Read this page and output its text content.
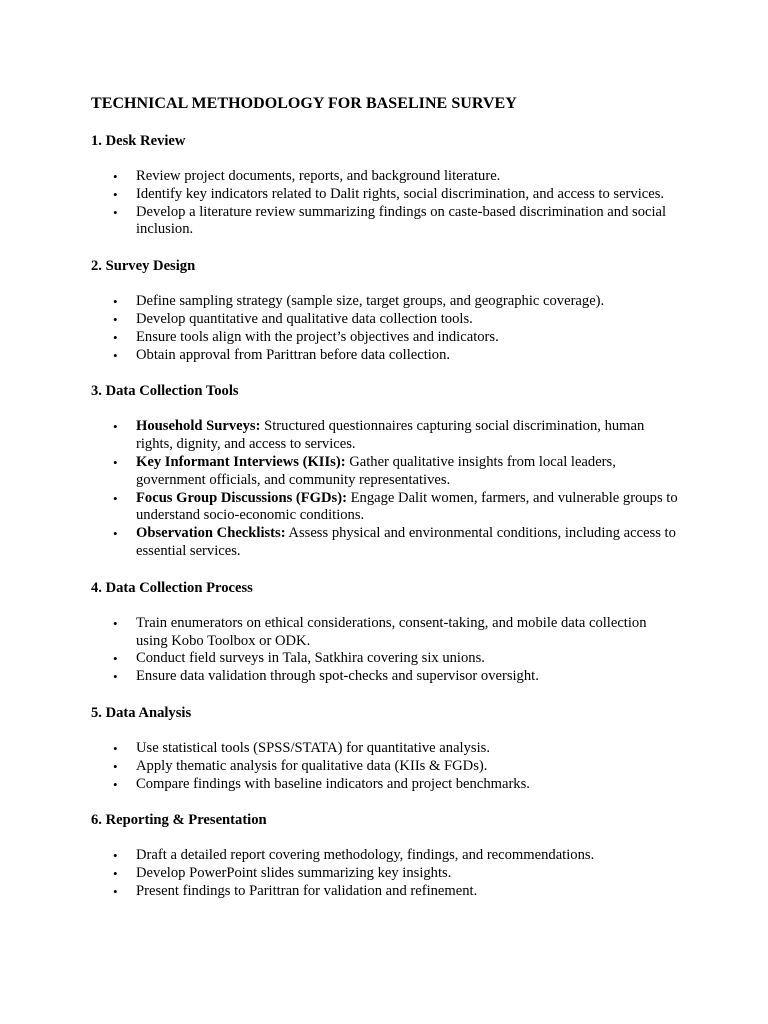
TECHNICAL METHODOLOGY FOR BASELINE SURVEY
1. Desk Review
• Review project documents, reports, and background literature.
• Identify key indicators related to Dalit rights, social discrimination, and access to services.
• Develop a literature review summarizing findings on caste-based discrimination and social inclusion.
2. Survey Design
• Define sampling strategy (sample size, target groups, and geographic coverage).
• Develop quantitative and qualitative data collection tools.
• Ensure tools align with the project’s objectives and indicators.
• Obtain approval from Parittran before data collection.
3. Data Collection Tools
• Household Surveys: Structured questionnaires capturing social discrimination, human rights, dignity, and access to services.
• Key Informant Interviews (KIIs): Gather qualitative insights from local leaders, government officials, and community representatives.
• Focus Group Discussions (FGDs): Engage Dalit women, farmers, and vulnerable groups to understand socio-economic conditions.
• Observation Checklists: Assess physical and environmental conditions, including access to essential services.
4. Data Collection Process
• Train enumerators on ethical considerations, consent-taking, and mobile data collection using Kobo Toolbox or ODK.
• Conduct field surveys in Tala, Satkhira covering six unions.
• Ensure data validation through spot-checks and supervisor oversight.
5. Data Analysis
• Use statistical tools (SPSS/STATA) for quantitative analysis.
• Apply thematic analysis for qualitative data (KIIs & FGDs).
• Compare findings with baseline indicators and project benchmarks.
6. Reporting & Presentation
• Draft a detailed report covering methodology, findings, and recommendations.
• Develop PowerPoint slides summarizing key insights.
• Present findings to Parittran for validation and refinement.
